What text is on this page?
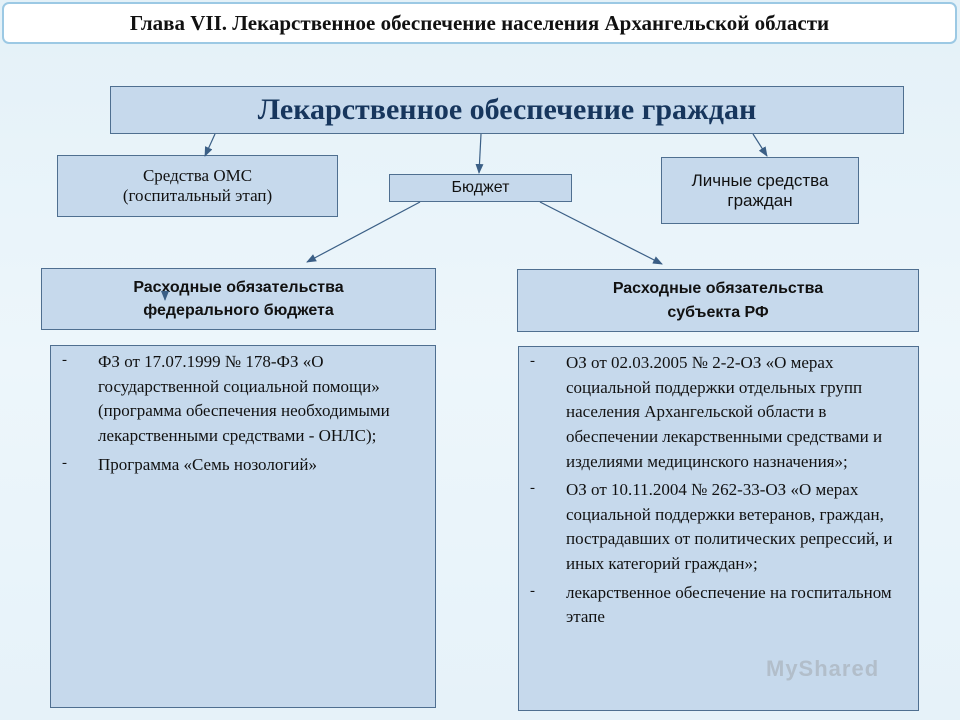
Глава VII. Лекарственное обеспечение населения Архангельской области
Лекарственное обеспечение граждан
Средства ОМС
(госпитальный этап)	Бюджет	Личные средства
граждан
Расходные обязательства
федерального бюджета
Расходные обязательства
субъекта РФ
-	ФЗ от 17.07.1999 № 178-ФЗ «О государственной социальной помощи» (программа обеспечения необходимыми лекарственными средствами - ОНЛС);
-	Программа «Семь нозологий»
-	ОЗ от 02.03.2005 № 2-2-ОЗ «О мерах социальной поддержки отдельных групп населения Архангельской области в обеспечении лекарственными средствами и изделиями медицинского назначения»;
-	ОЗ от 10.11.2004 № 262-33-ОЗ «О мерах социальной поддержки ветеранов, граждан, пострадавших от политических репрессий, и иных категорий граждан»;
-	лекарственное обеспечение на госпитальном этапе
MyShared
